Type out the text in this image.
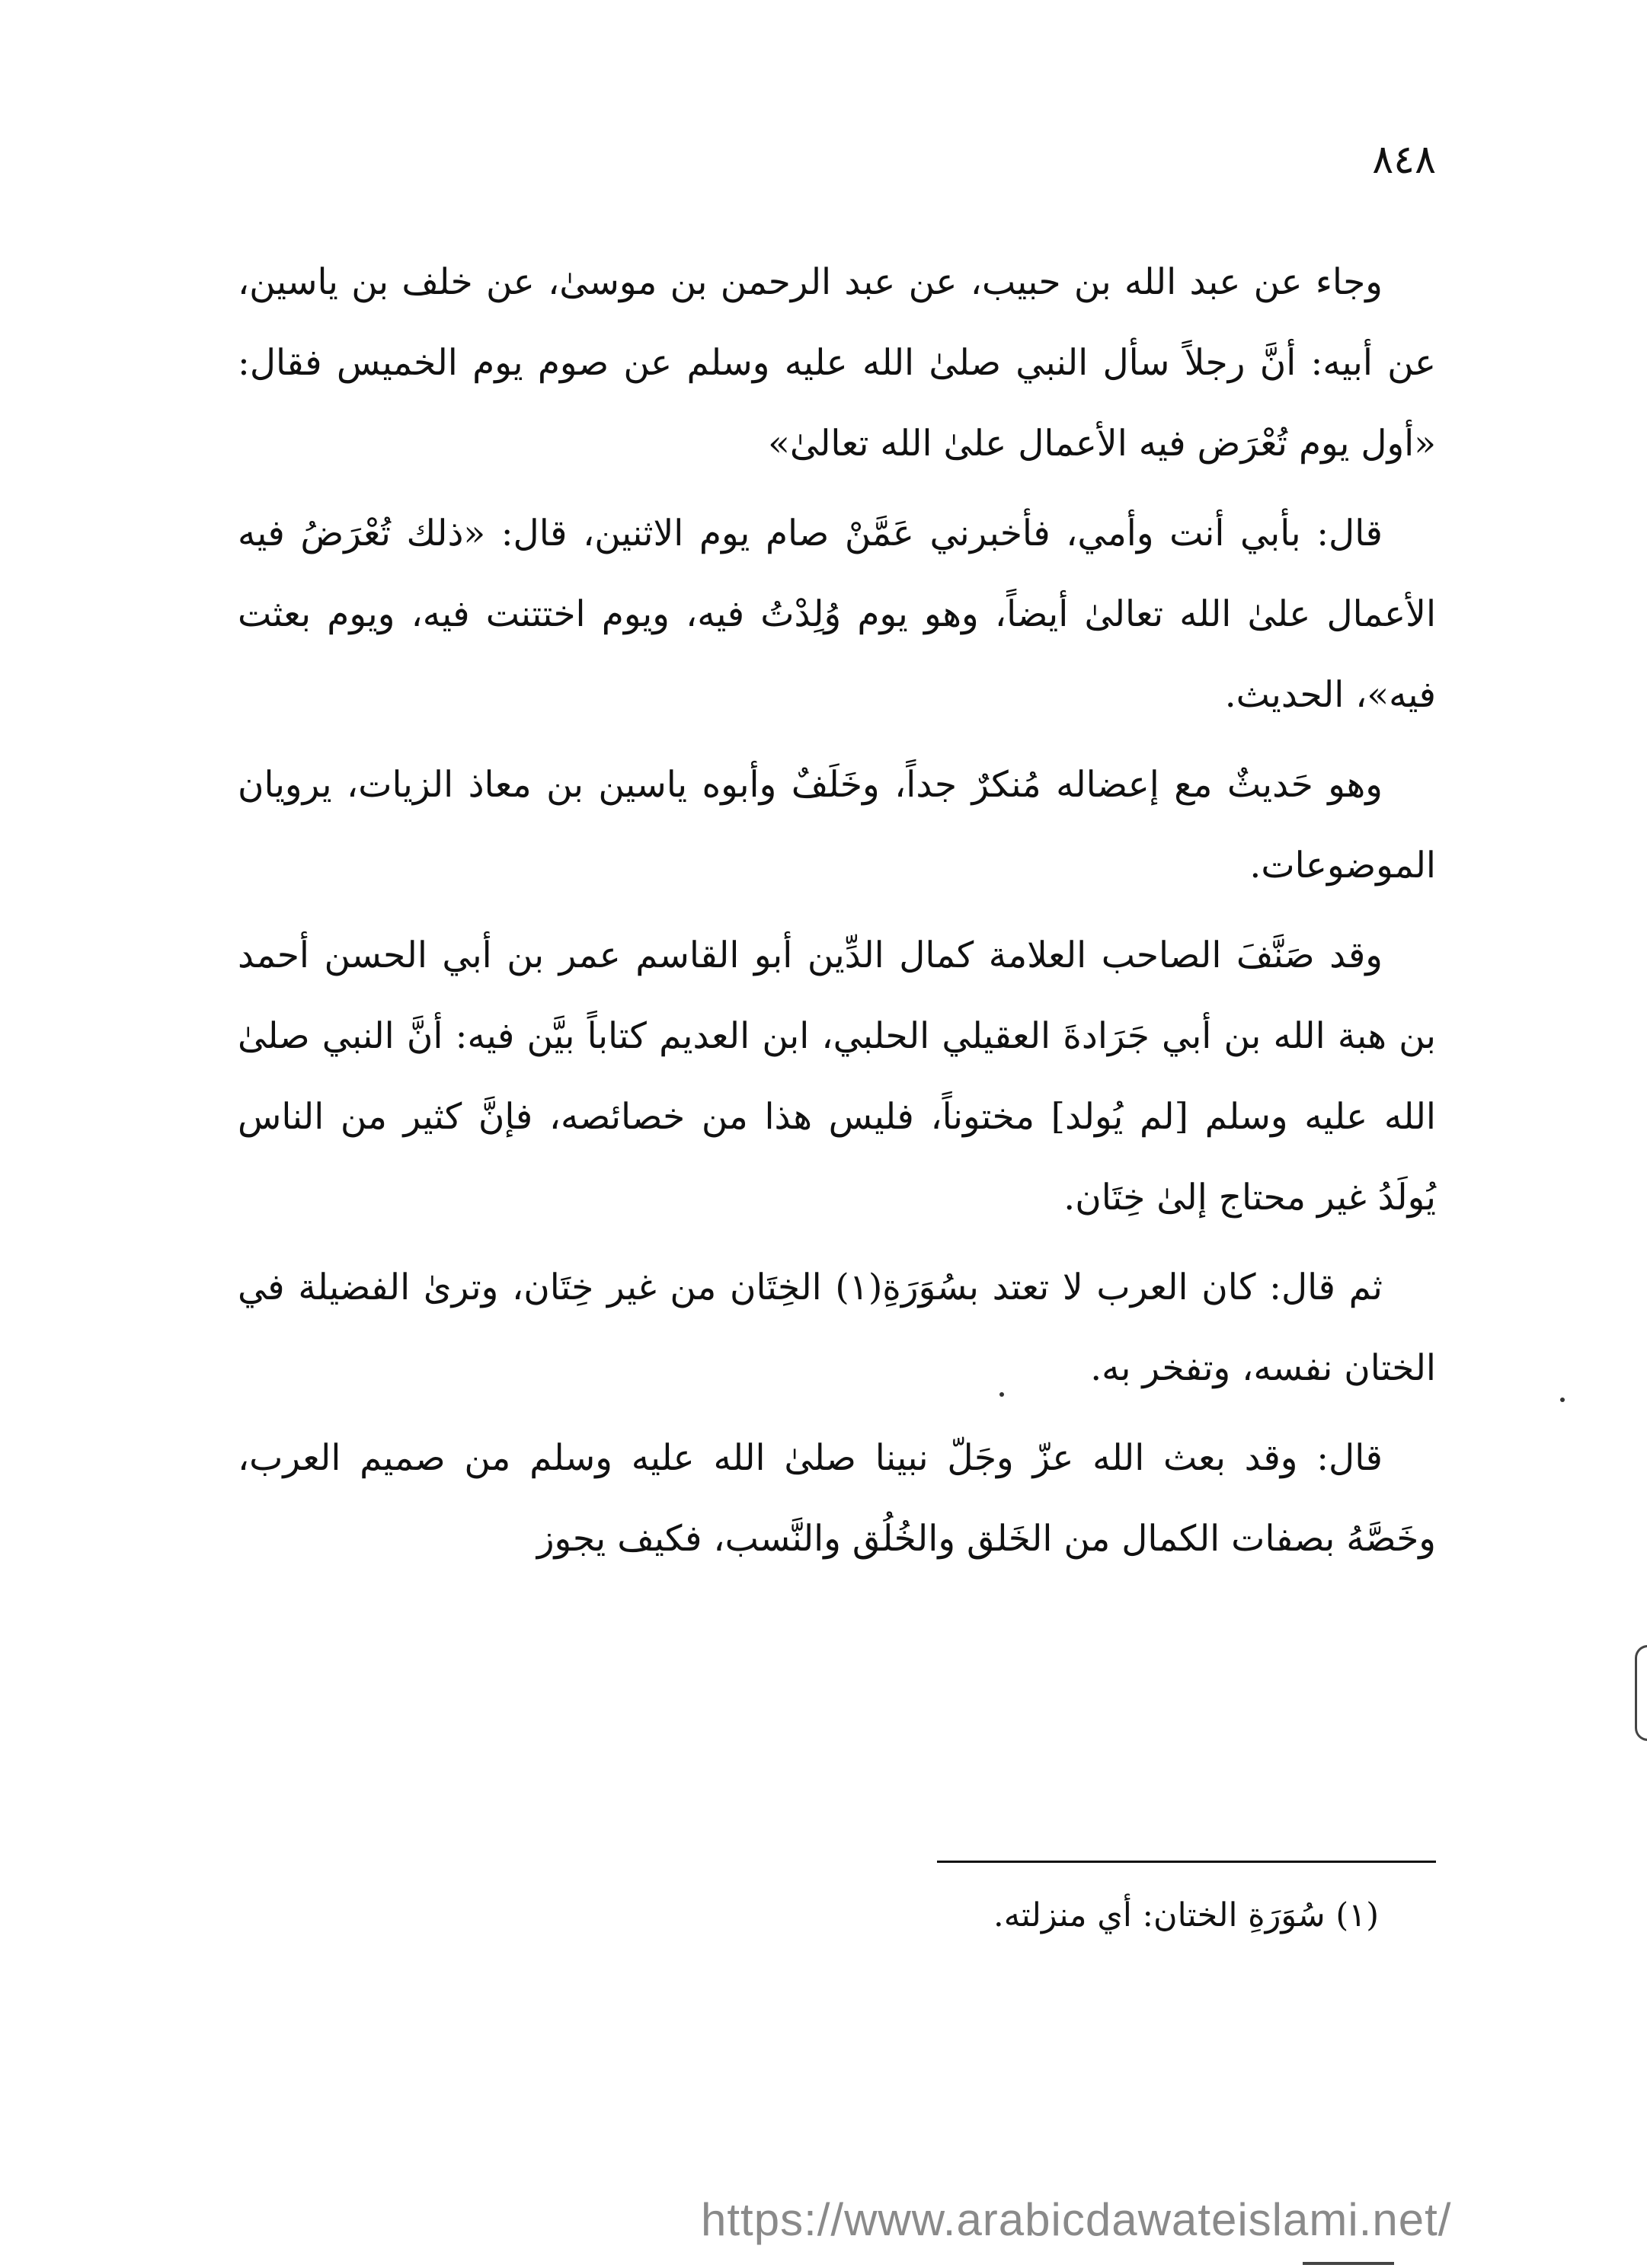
٨٤٨

وجاء عن عبد الله بن حبيب، عن عبد الرحمن بن موسىٰ، عن خلف بن ياسين، عن أبيه: أنَّ رجلاً سأل النبي صلىٰ الله عليه وسلم عن صوم يوم الخميس فقال: «أول يوم تُعْرَض فيه الأعمال علىٰ الله تعالىٰ»

قال: بأبي أنت وأمي، فأخبرني عَمَّنْ صام يوم الاثنين، قال: «ذلك تُعْرَضُ فيه الأعمال علىٰ الله تعالىٰ أيضاً، وهو يوم وُلِدْتُ فيه، ويوم اختتنت فيه، ويوم بعثت فيه»، الحديث.

وهو حَديثٌ مع إعضاله مُنكرٌ جداً، وخَلَفٌ وأبوه ياسين بن معاذ الزيات، يرويان الموضوعات.

وقد صَنَّفَ الصاحب العلامة كمال الدِّين أبو القاسم عمر بن أبي الحسن أحمد بن هبة الله بن أبي جَرَادةَ العقيلي الحلبي، ابن العديم كتاباً بيَّن فيه: أنَّ النبي صلىٰ الله عليه وسلم [لم يُولد] مختوناً، فليس هذا من خصائصه، فإنَّ كثير من الناس يُولَدُ غير محتاج إلىٰ خِتَان.

ثم قال: كان العرب لا تعتد بسُوَرَةِ(١) الخِتَان من غير خِتَان، وترىٰ الفضيلة في الختان نفسه، وتفخر به.

قال: وقد بعث الله عزّ وجَلّ نبينا صلىٰ الله عليه وسلم من صميم العرب، وخَصَّهُ بصفات الكمال من الخَلق والخُلُق والنَّسب، فكيف يجوز

(١) سُوَرَةِ الختان: أي منزلته.
https://www.arabicdawateislami.net/
